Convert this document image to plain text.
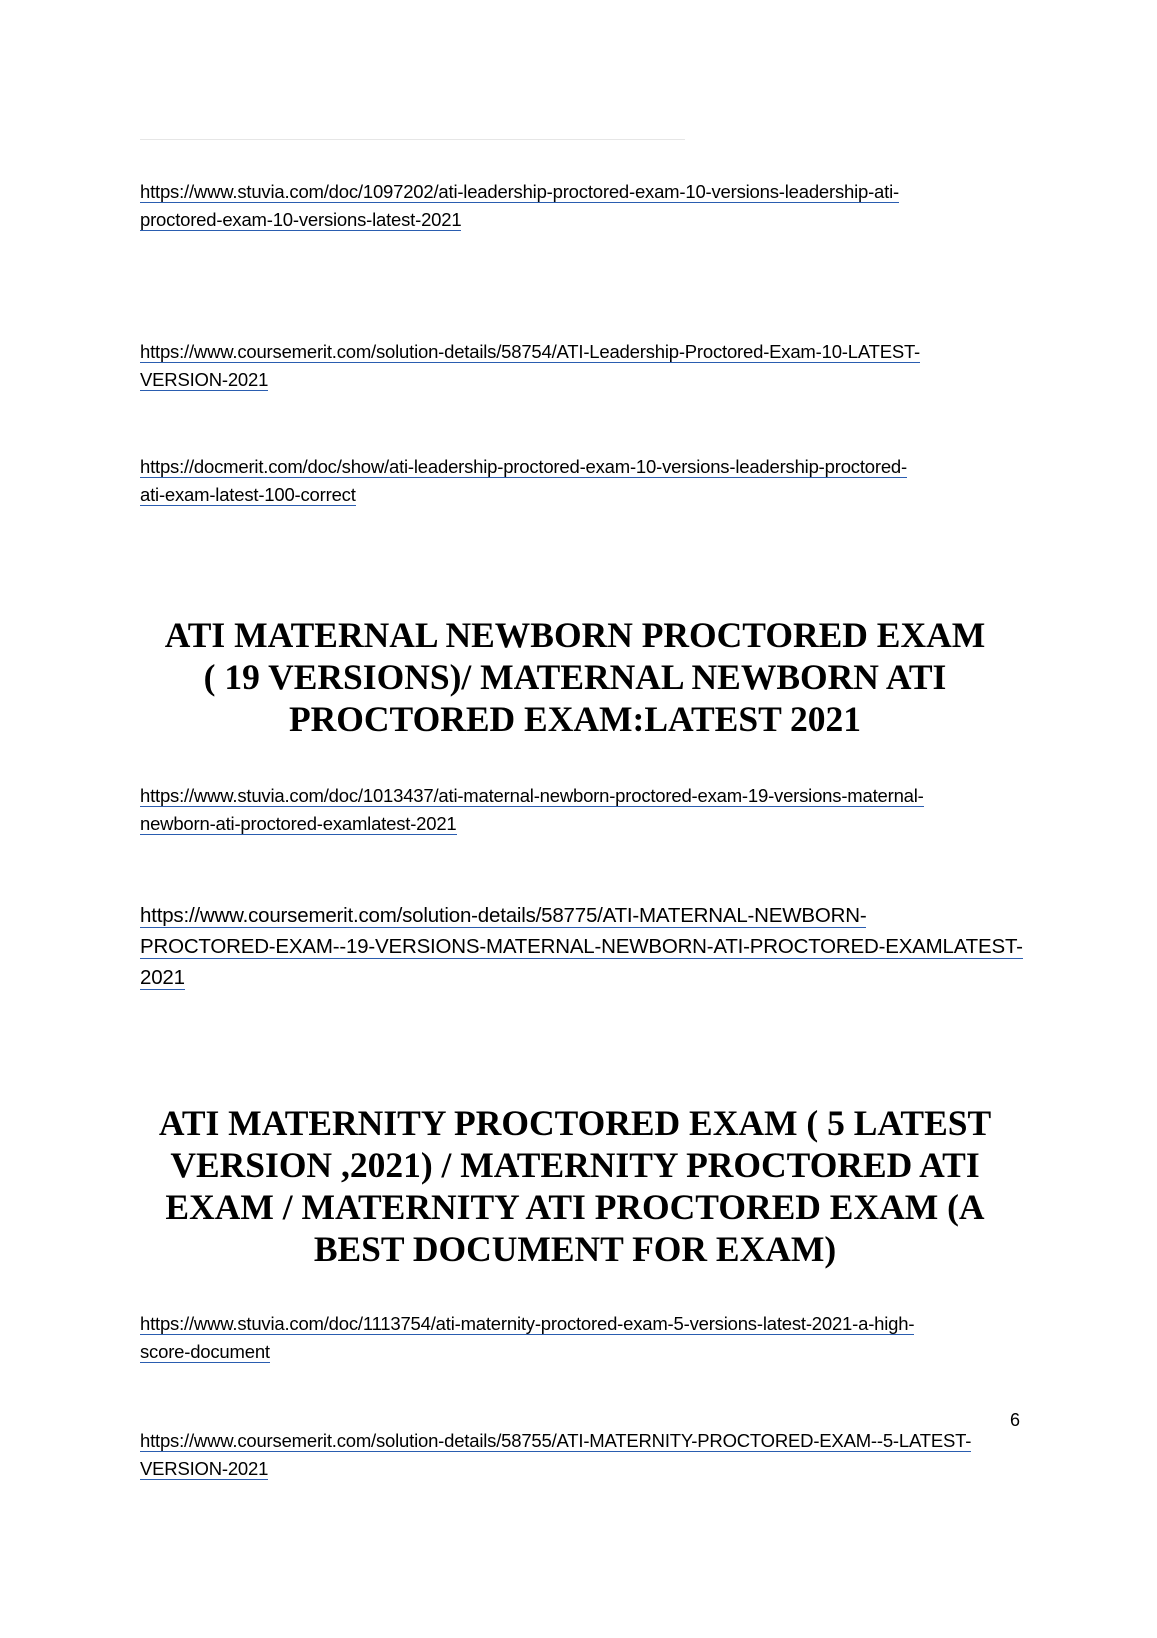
https://www.stuvia.com/doc/1097202/ati-leadership-proctored-exam-10-versions-leadership-ati-
proctored-exam-10-versions-latest-2021
https://www.coursemerit.com/solution-details/58754/ATI-Leadership-Proctored-Exam-10-LATEST-
VERSION-2021
https://docmerit.com/doc/show/ati-leadership-proctored-exam-10-versions-leadership-proctored-
ati-exam-latest-100-correct
ATI MATERNAL NEWBORN PROCTORED EXAM
( 19 VERSIONS)/ MATERNAL NEWBORN ATI
PROCTORED EXAM:LATEST 2021
https://www.stuvia.com/doc/1013437/ati-maternal-newborn-proctored-exam-19-versions-maternal-
newborn-ati-proctored-examlatest-2021
https://www.coursemerit.com/solution-details/58775/ATI-MATERNAL-NEWBORN-
PROCTORED-EXAM--19-VERSIONS-MATERNAL-NEWBORN-ATI-PROCTORED-EXAMLATEST-
2021
ATI MATERNITY PROCTORED EXAM ( 5 LATEST
VERSION ,2021) / MATERNITY PROCTORED ATI
EXAM / MATERNITY ATI PROCTORED EXAM (A
BEST DOCUMENT FOR EXAM)
https://www.stuvia.com/doc/1113754/ati-maternity-proctored-exam-5-versions-latest-2021-a-high-
score-document
6
https://www.coursemerit.com/solution-details/58755/ATI-MATERNITY-PROCTORED-EXAM--5-LATEST-
VERSION-2021
